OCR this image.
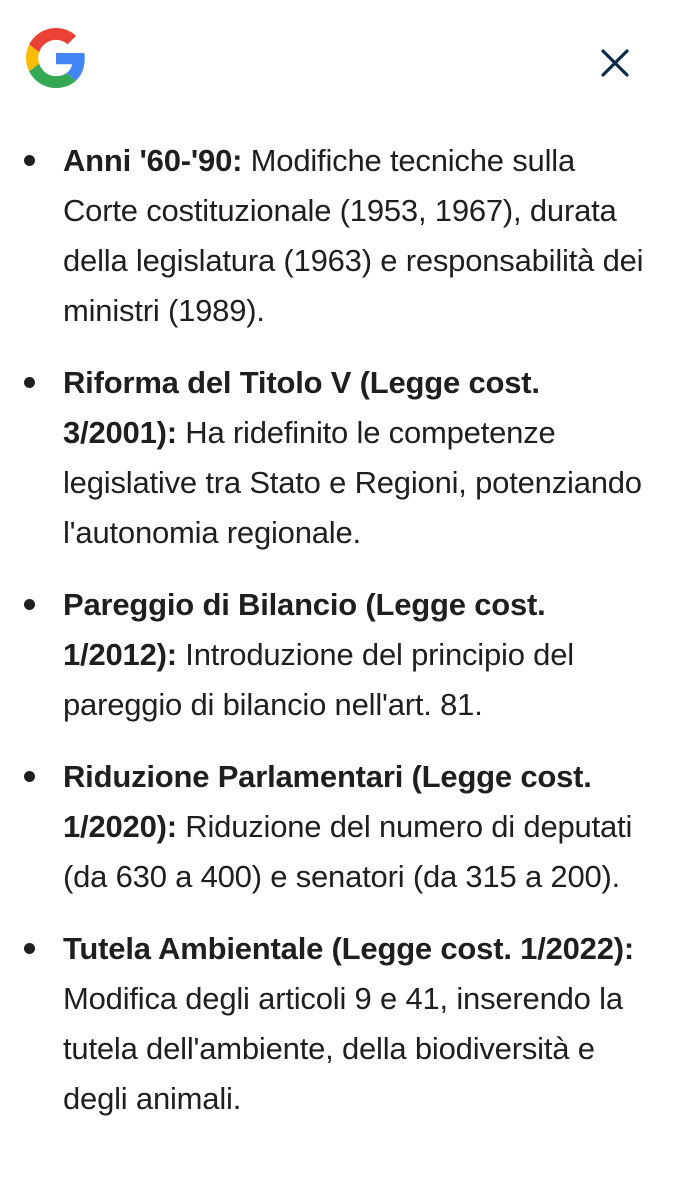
Anni '60-'90: Modifiche tecniche sulla Corte costituzionale (1953, 1967), durata della legislatura (1963) e responsabilità dei ministri (1989).
Riforma del Titolo V (Legge cost. 3/2001): Ha ridefinito le competenze legislative tra Stato e Regioni, potenziando l'autonomia regionale.
Pareggio di Bilancio (Legge cost. 1/2012): Introduzione del principio del pareggio di bilancio nell'art. 81.
Riduzione Parlamentari (Legge cost. 1/2020): Riduzione del numero di deputati (da 630 a 400) e senatori (da 315 a 200).
Tutela Ambientale (Legge cost. 1/2022): Modifica degli articoli 9 e 41, inserendo la tutela dell'ambiente, della biodiversità e degli animali.
